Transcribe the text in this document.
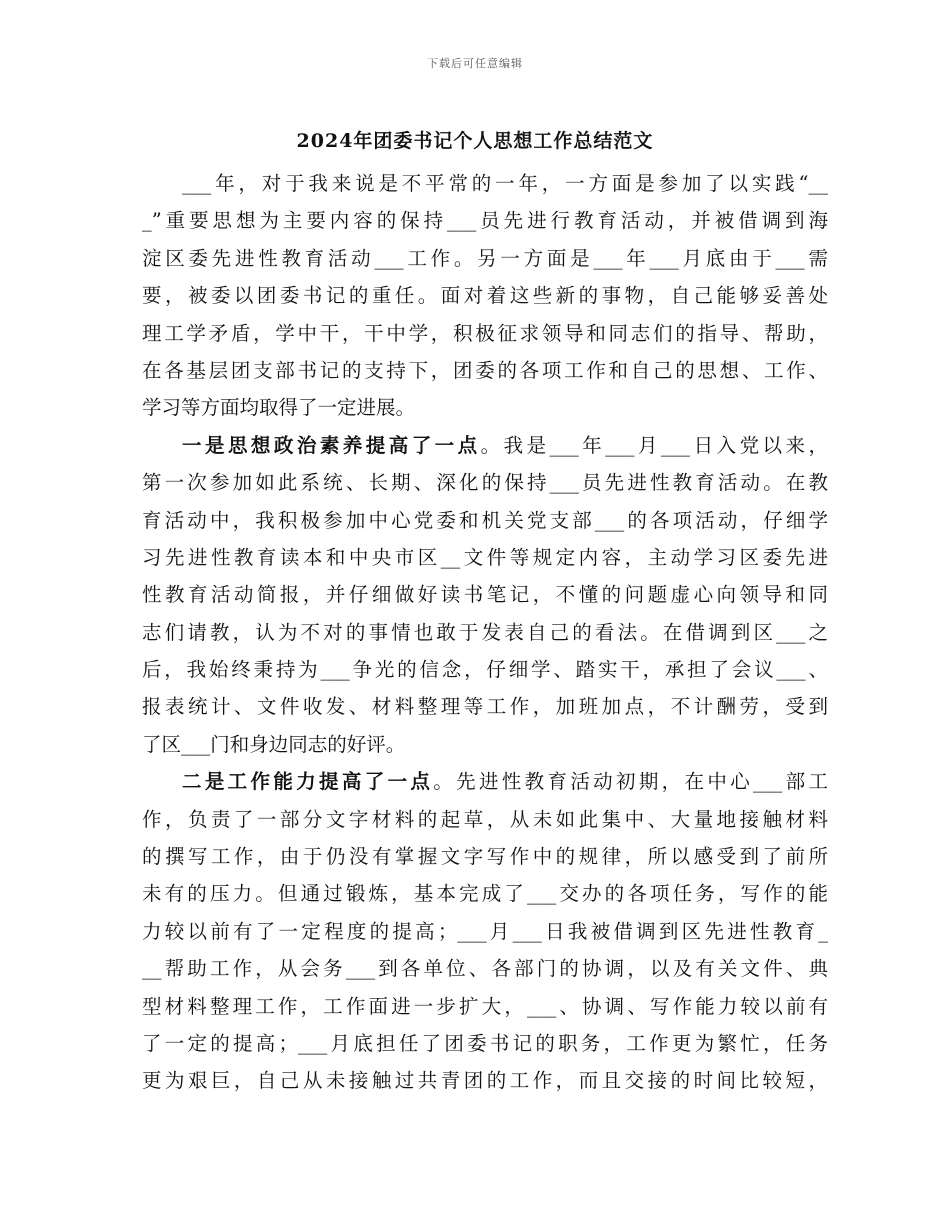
下载后可任意编辑
2024年团委书记个人思想工作总结范文
___年，对于我来说是不平常的一年，一方面是参加了以实践“__
_”重要思想为主要内容的保持___员先进行教育活动，并被借调到海
淀区委先进性教育活动___工作。另一方面是___年___月底由于___需
要，被委以团委书记的重任。面对着这些新的事物，自己能够妥善处
理工学矛盾，学中干，干中学，积极征求领导和同志们的指导、帮助，
在各基层团支部书记的支持下，团委的各项工作和自己的思想、工作、
学习等方面均取得了一定进展。
一是思想政治素养提高了一点。我是___年___月___日入党以来，
第一次参加如此系统、长期、深化的保持___员先进性教育活动。在教
育活动中，我积极参加中心党委和机关党支部___的各项活动，仔细学
习先进性教育读本和中央市区__文件等规定内容，主动学习区委先进
性教育活动简报，并仔细做好读书笔记，不懂的问题虚心向领导和同
志们请教，认为不对的事情也敢于发表自己的看法。在借调到区___之
后，我始终秉持为___争光的信念，仔细学、踏实干，承担了会议___、
报表统计、文件收发、材料整理等工作，加班加点，不计酬劳，受到
了区___门和身边同志的好评。
二是工作能力提高了一点。先进性教育活动初期，在中心___部工
作，负责了一部分文字材料的起草，从未如此集中、大量地接触材料
的撰写工作，由于仍没有掌握文字写作中的规律，所以感受到了前所
未有的压力。但通过锻炼，基本完成了___交办的各项任务，写作的能
力较以前有了一定程度的提高；___月___日我被借调到区先进性教育_
__帮助工作，从会务___到各单位、各部门的协调，以及有关文件、典
型材料整理工作，工作面进一步扩大，___、协调、写作能力较以前有
了一定的提高；___月底担任了团委书记的职务，工作更为繁忙，任务
更为艰巨，自己从未接触过共青团的工作，而且交接的时间比较短，
